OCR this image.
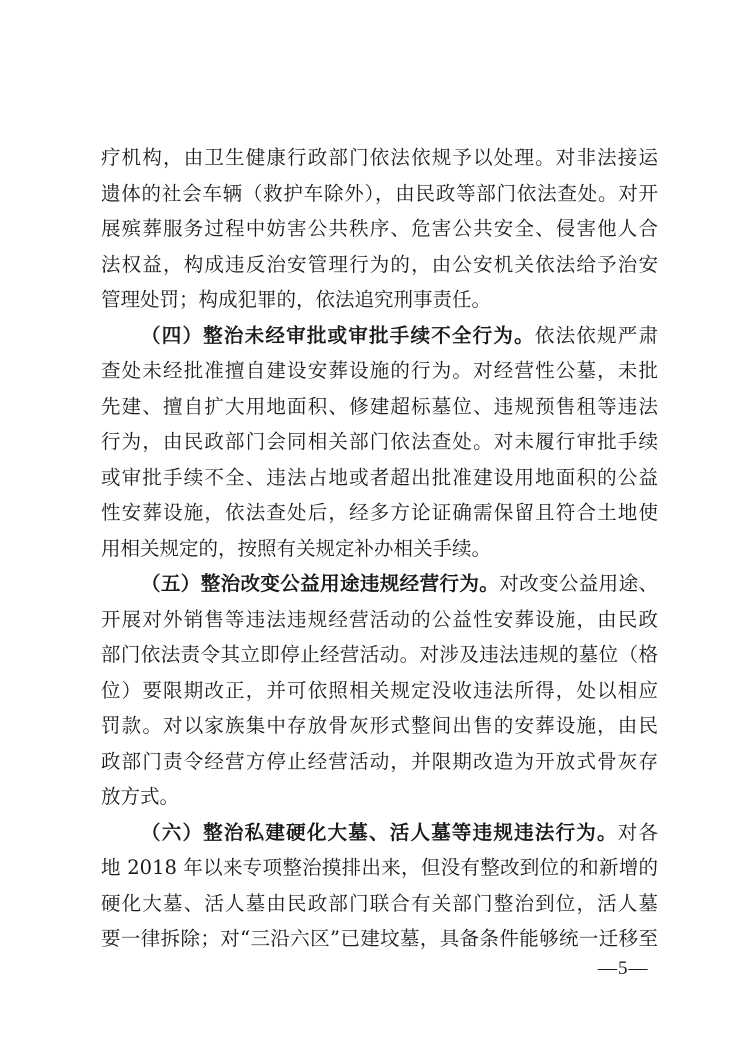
疗机构，由卫生健康行政部门依法依规予以处理。对非法接运
遗体的社会车辆（救护车除外），由民政等部门依法查处。对开
展殡葬服务过程中妨害公共秩序、危害公共安全、侵害他人合
法权益，构成违反治安管理行为的，由公安机关依法给予治安
管理处罚；构成犯罪的，依法追究刑事责任。
（四）整治未经审批或审批手续不全行为。依法依规严肃
查处未经批准擅自建设安葬设施的行为。对经营性公墓，未批
先建、擅自扩大用地面积、修建超标墓位、违规预售租等违法
行为，由民政部门会同相关部门依法查处。对未履行审批手续
或审批手续不全、违法占地或者超出批准建设用地面积的公益
性安葬设施，依法查处后，经多方论证确需保留且符合土地使
用相关规定的，按照有关规定补办相关手续。
（五）整治改变公益用途违规经营行为。对改变公益用途、
开展对外销售等违法违规经营活动的公益性安葬设施，由民政
部门依法责令其立即停止经营活动。对涉及违法违规的墓位（格
位）要限期改正，并可依照相关规定没收违法所得，处以相应
罚款。对以家族集中存放骨灰形式整间出售的安葬设施，由民
政部门责令经营方停止经营活动，并限期改造为开放式骨灰存
放方式。
（六）整治私建硬化大墓、活人墓等违规违法行为。对各
地 2018 年以来专项整治摸排出来，但没有整改到位的和新增的
硬化大墓、活人墓由民政部门联合有关部门整治到位，活人墓
要一律拆除；对“三沿六区”已建坟墓，具备条件能够统一迁移至
—5—
